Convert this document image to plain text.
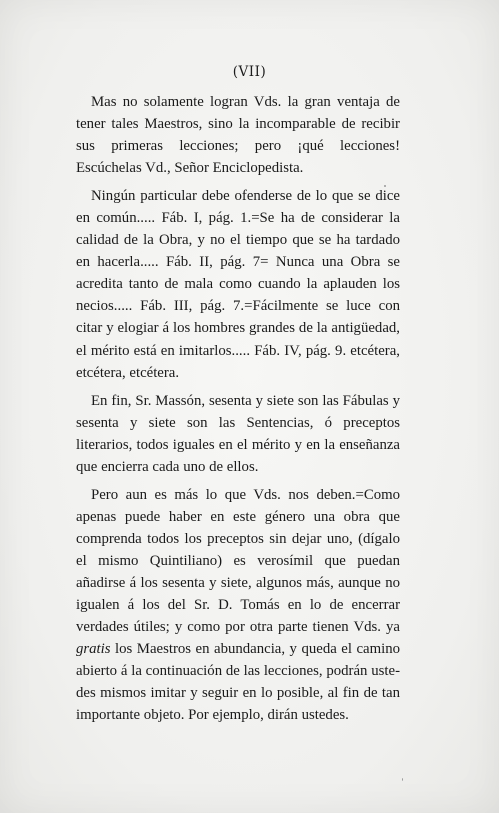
(VII)

Mas no solamente logran Vds. la gran ventaja de tener tales Maestros, sino la incomparable de recibir sus primeras lecciones; pero ¡qué lecciones! Escúchelas Vd., Señor Enciclopedista.

Ningún particular debe ofenderse de lo que se dice en común..... Fáb. I, pág. 1.=Se ha de considerar la calidad de la Obra, y no el tiempo que se ha tardado en hacerla..... Fáb. II, pág. 7= Nunca una Obra se acredita tanto de mala como cuando la aplauden los necios..... Fáb. III, pág. 7.=Fácilmente se luce con citar y elogiar á los hombres grandes de la antigüedad, el mérito está en imitarlos..... Fáb. IV, pág. 9. etcétera, etcétera, etcétera.

En fin, Sr. Massón, sesenta y siete son las Fábulas y sesenta y siete son las Sentencias, ó preceptos literarios, todos iguales en el mérito y en la enseñanza que encierra cada uno de ellos.

Pero aun es más lo que Vds. nos deben.=Como apenas puede haber en este género una obra que comprenda todos los preceptos sin dejar uno, (dígalo el mismo Quintiliano) es verosímil que puedan añadirse á los sesenta y siete, algunos más, aunque no igualen á los del Sr. D. Tomás en lo de encerrar verdades útiles; y como por otra parte tienen Vds. ya gratis los Maestros en abundancia, y queda el camino abierto á la continuación de las lecciones, podrán ustedes mismos imitar y seguir en lo posible, al fin de tan importante objeto. Por ejemplo, dirán ustedes.
